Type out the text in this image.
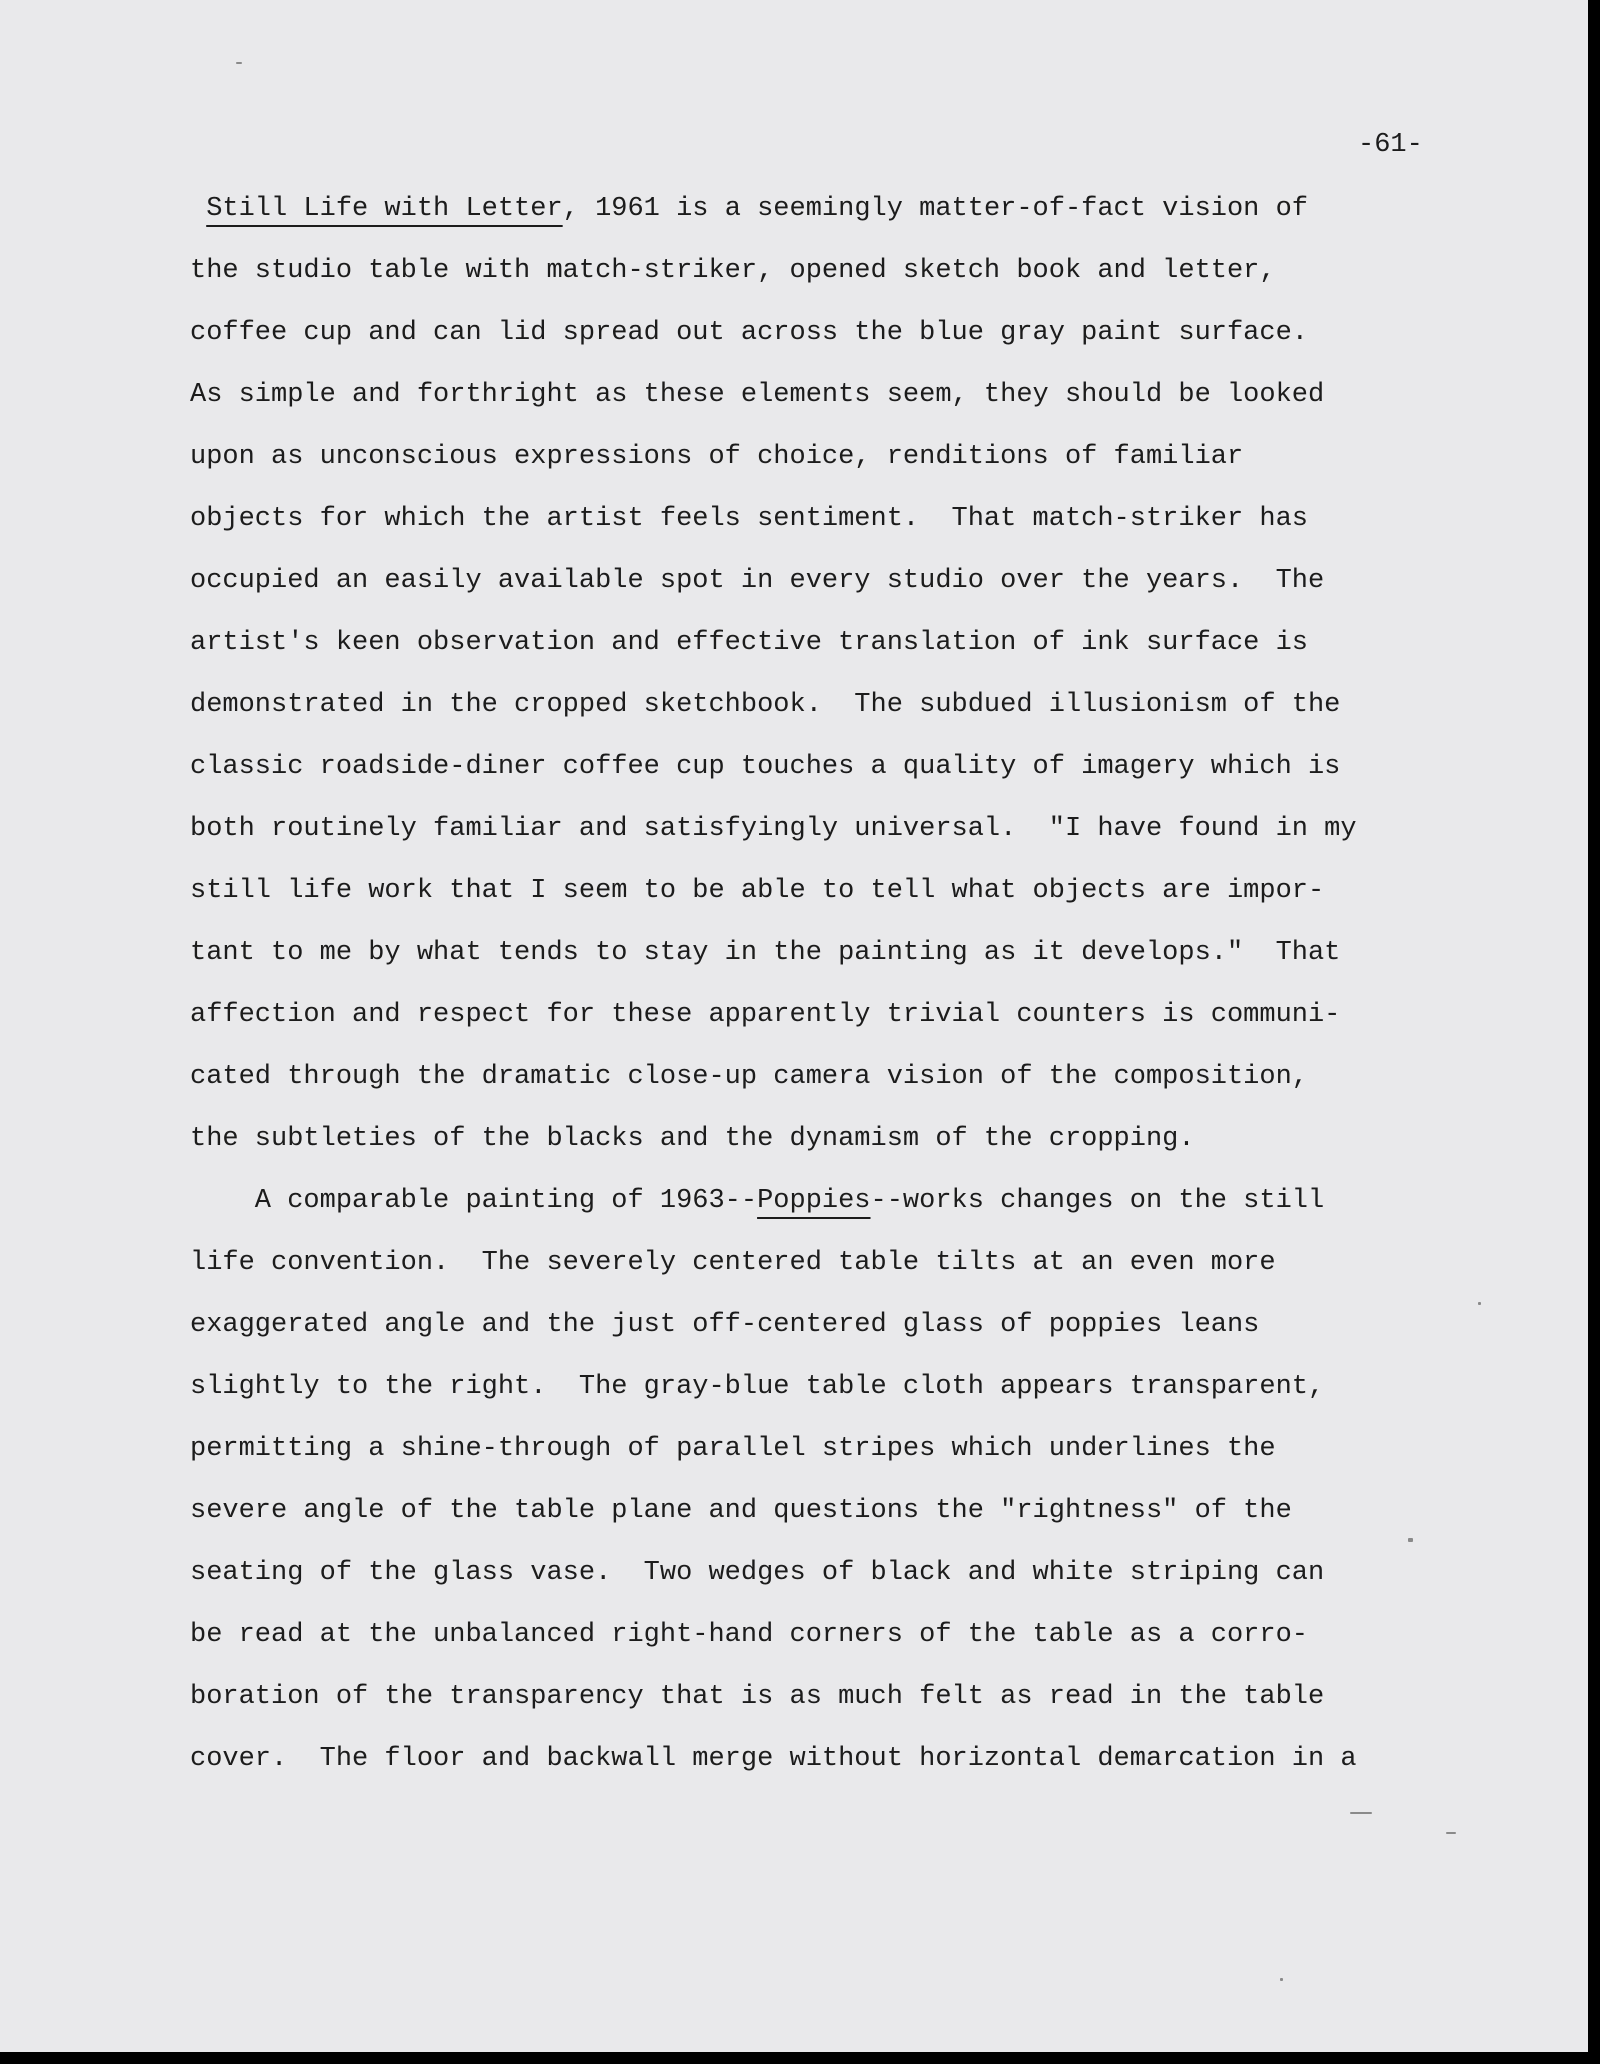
-61-
Still Life with Letter, 1961 is a seemingly matter-of-fact vision of
the studio table with match-striker, opened sketch book and letter,
coffee cup and can lid spread out across the blue gray paint surface.
As simple and forthright as these elements seem, they should be looked
upon as unconscious expressions of choice, renditions of familiar
objects for which the artist feels sentiment.  That match-striker has
occupied an easily available spot in every studio over the years.  The
artist's keen observation and effective translation of ink surface is
demonstrated in the cropped sketchbook.  The subdued illusionism of the
classic roadside-diner coffee cup touches a quality of imagery which is
both routinely familiar and satisfyingly universal.  "I have found in my
still life work that I seem to be able to tell what objects are impor-
tant to me by what tends to stay in the painting as it develops."  That
affection and respect for these apparently trivial counters is communi-
cated through the dramatic close-up camera vision of the composition,
the subtleties of the blacks and the dynamism of the cropping.
A comparable painting of 1963--Poppies--works changes on the still
life convention.  The severely centered table tilts at an even more
exaggerated angle and the just off-centered glass of poppies leans
slightly to the right.  The gray-blue table cloth appears transparent,
permitting a shine-through of parallel stripes which underlines the
severe angle of the table plane and questions the "rightness" of the
seating of the glass vase.  Two wedges of black and white striping can
be read at the unbalanced right-hand corners of the table as a corro-
boration of the transparency that is as much felt as read in the table
cover.  The floor and backwall merge without horizontal demarcation in a
